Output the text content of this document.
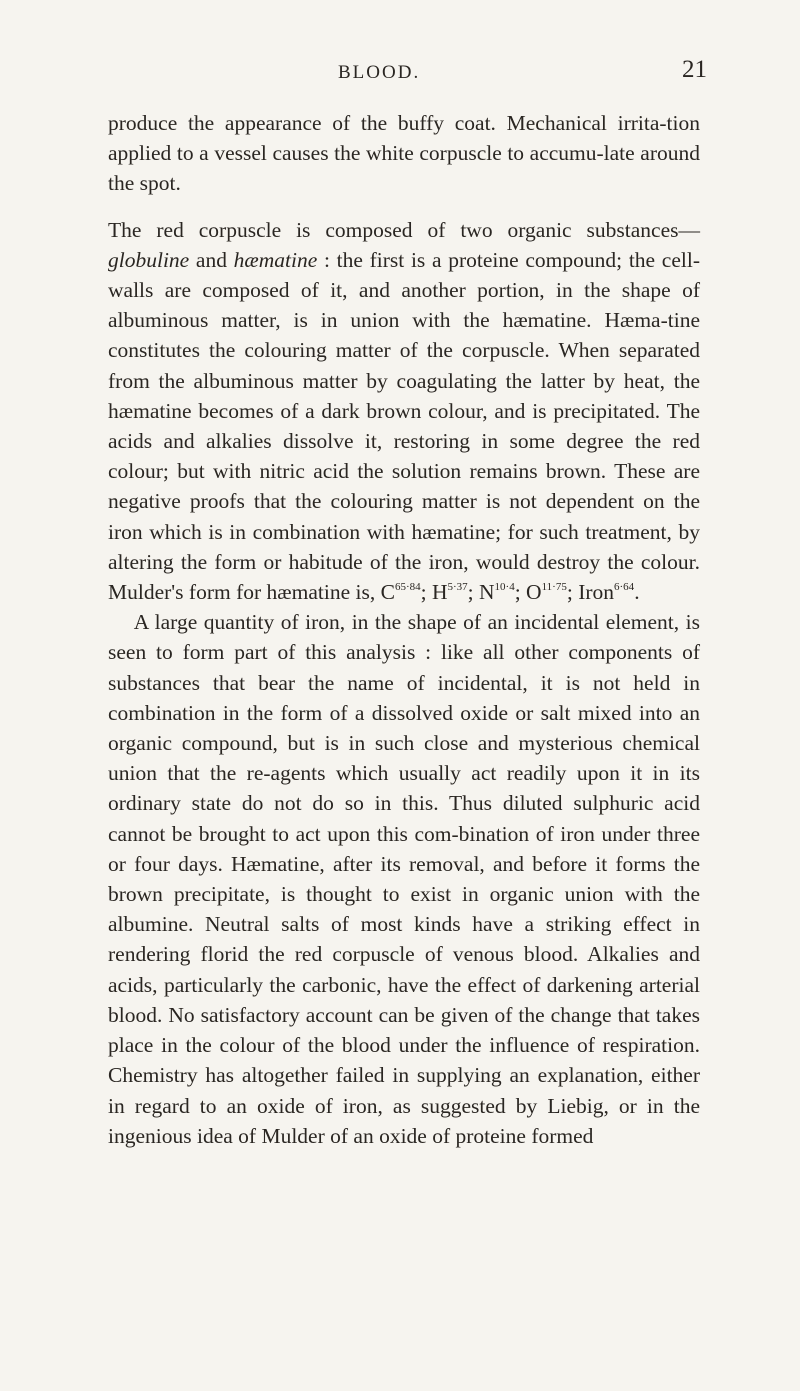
BLOOD.	21

produce the appearance of the buffy coat. Mechanical irrita-tion applied to a vessel causes the white corpuscle to accumu-late around the spot.

The red corpuscle is composed of two organic substances— globuline and hæmatine : the first is a proteine compound; the cell-walls are composed of it, and another portion, in the shape of albuminous matter, is in union with the hæmatine. Hæma-tine constitutes the colouring matter of the corpuscle. When separated from the albuminous matter by coagulating the latter by heat, the hæmatine becomes of a dark brown colour, and is precipitated. The acids and alkalies dissolve it, restoring in some degree the red colour; but with nitric acid the solution remains brown. These are negative proofs that the colouring matter is not dependent on the iron which is in combination with hæmatine; for such treatment, by altering the form or habitude of the iron, would destroy the colour. Mulder's form for hæmatine is, $C^{65\cdot 84}$; $H^{5\cdot 37}$; $N^{10\cdot 4}$; $O^{11\cdot 75}$; Iron$^{6\cdot 64}$.

A large quantity of iron, in the shape of an incidental element, is seen to form part of this analysis : like all other components of substances that bear the name of incidental, it is not held in combination in the form of a dissolved oxide or salt mixed into an organic compound, but is in such close and mysterious chemical union that the re-agents which usually act readily upon it in its ordinary state do not do so in this. Thus diluted sulphuric acid cannot be brought to act upon this com-bination of iron under three or four days. Hæmatine, after its removal, and before it forms the brown precipitate, is thought to exist in organic union with the albumine. Neutral salts of most kinds have a striking effect in rendering florid the red corpuscle of venous blood. Alkalies and acids, particularly the carbonic, have the effect of darkening arterial blood. No satisfactory account can be given of the change that takes place in the colour of the blood under the influence of respiration. Chemistry has altogether failed in supplying an explanation, either in regard to an oxide of iron, as suggested by Liebig, or in the ingenious idea of Mulder of an oxide of proteine formed
